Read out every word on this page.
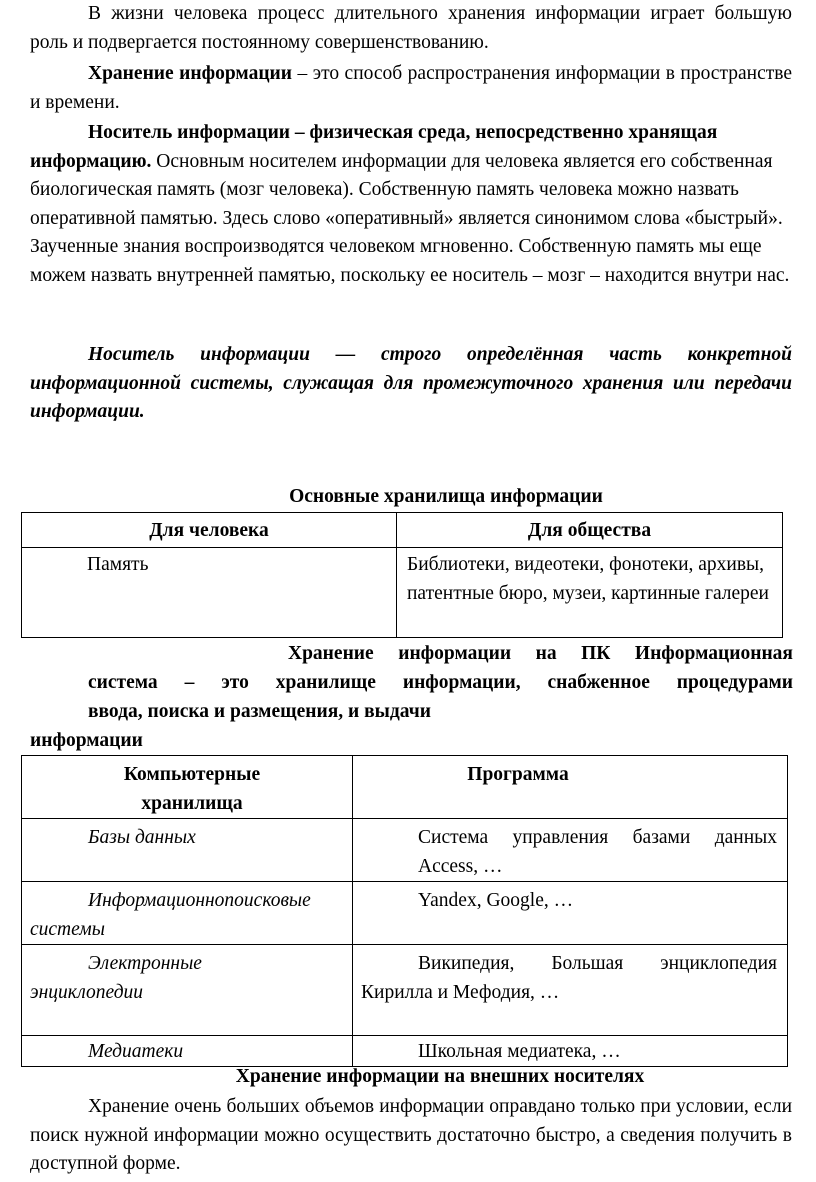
В жизни человека процесс длительного хранения информации играет большую роль и подвергается постоянному совершенствованию.
Хранение информации – это способ распространения информации в пространстве и времени.
Носитель информации – физическая среда, непосредственно хранящая информацию. Основным носителем информации для человека является его собственная биологическая память (мозг человека). Собственную память человека можно назвать оперативной памятью. Здесь слово «оперативный» является синонимом слова «быстрый». Заученные знания воспроизводятся человеком мгновенно. Собственную память мы еще можем назвать внутренней памятью, поскольку ее носитель – мозг – находится внутри нас.
Носитель информации — строго определённая часть конкретной информационной системы, служащая для промежуточного хранения или передачи информации.
Основные хранилища информации
Для человека	Для общества

Память	Библиотеки, видеотеки, фонотеки, архивы, патентные бюро, музеи, картинные галереи
Хранение информации на ПК Информационная
система – это хранилище информации, снабженное процедурами
ввода, поиска и размещения, и выдачи
информации
Компьютерные хранилища	Программа

Базы данных	Система управления базами данных Access, …

Информационнопоисковые системы	Yandex, Google, …

Электронные энциклопедии	Википедия, Большая энциклопедия Кирилла и Мефодия, …

Медиатеки	Школьная медиатека, …
Хранение информации на внешних носителях
Хранение очень больших объемов информации оправдано только при условии, если поиск нужной информации можно осуществить достаточно быстро, а сведения получить в доступной форме.
